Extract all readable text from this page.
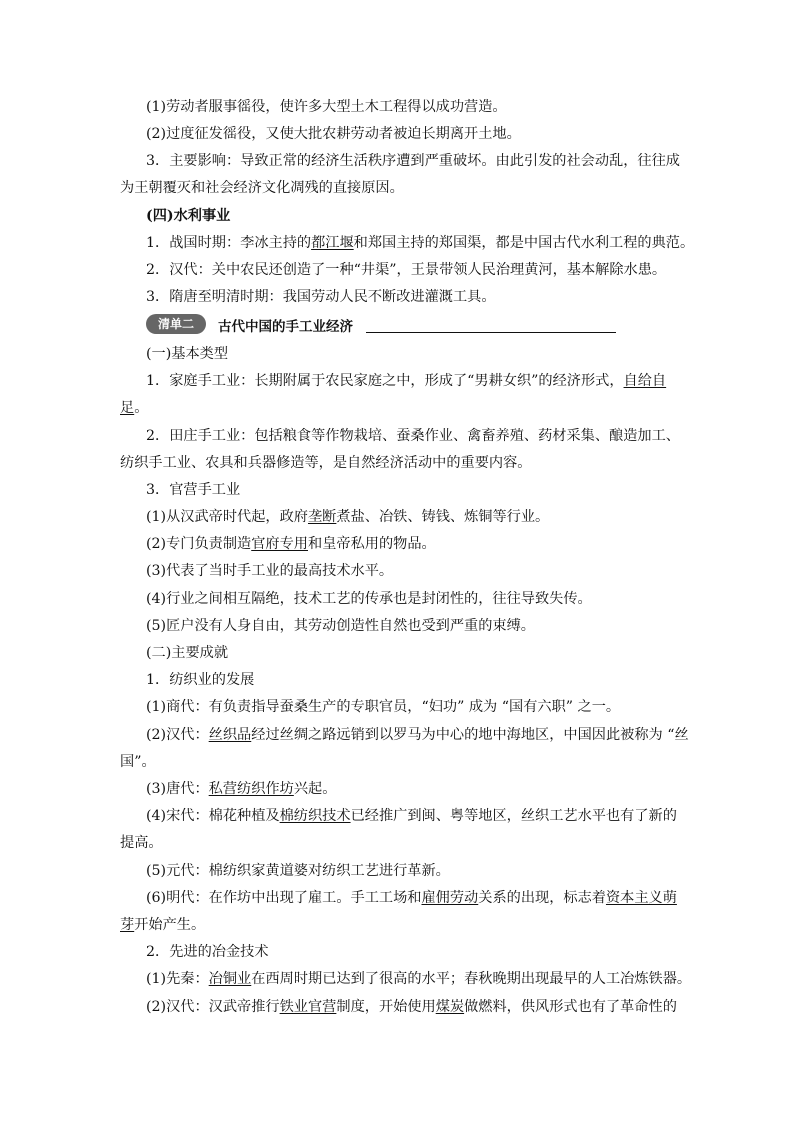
(1)劳动者服事徭役，使许多大型土木工程得以成功营造。
(2)过度征发徭役，又使大批农耕劳动者被迫长期离开土地。
3．主要影响：导致正常的经济生活秩序遭到严重破坏。由此引发的社会动乱，往往成
为王朝覆灭和社会经济文化凋残的直接原因。
(四)水利事业
1．战国时期：李冰主持的都江堰和郑国主持的郑国渠，都是中国古代水利工程的典范。
2．汉代：关中农民还创造了一种“井渠”，王景带领人民治理黄河，基本解除水患。
3．隋唐至明清时期：我国劳动人民不断改进灌溉工具。
清单二	古代中国的手工业经济
(一)基本类型
1．家庭手工业：长期附属于农民家庭之中，形成了“男耕女织”的经济形式，自给自
足。
2．田庄手工业：包括粮食等作物栽培、蚕桑作业、禽畜养殖、药材采集、酿造加工、
纺织手工业、农具和兵器修造等，是自然经济活动中的重要内容。
3．官营手工业
(1)从汉武帝时代起，政府垄断煮盐、冶铁、铸钱、炼铜等行业。
(2)专门负责制造官府专用和皇帝私用的物品。
(3)代表了当时手工业的最高技术水平。
(4)行业之间相互隔绝，技术工艺的传承也是封闭性的，往往导致失传。
(5)匠户没有人身自由，其劳动创造性自然也受到严重的束缚。
(二)主要成就
1．纺织业的发展
(1)商代：有负责指导蚕桑生产的专职官员，“妇功” 成为 “国有六职” 之一。
(2)汉代：丝织品经过丝绸之路远销到以罗马为中心的地中海地区，中国因此被称为 “丝
国”。
(3)唐代：私营纺织作坊兴起。
(4)宋代：棉花种植及棉纺织技术已经推广到闽、粤等地区，丝织工艺水平也有了新的
提高。
(5)元代：棉纺织家黄道婆对纺织工艺进行革新。
(6)明代：在作坊中出现了雇工。手工工场和雇佣劳动关系的出现，标志着资本主义萌
芽开始产生。
2．先进的冶金技术
(1)先秦：冶铜业在西周时期已达到了很高的水平；春秋晚期出现最早的人工冶炼铁器。
(2)汉代：汉武帝推行铁业官营制度，开始使用煤炭做燃料，供风形式也有了革命性的
